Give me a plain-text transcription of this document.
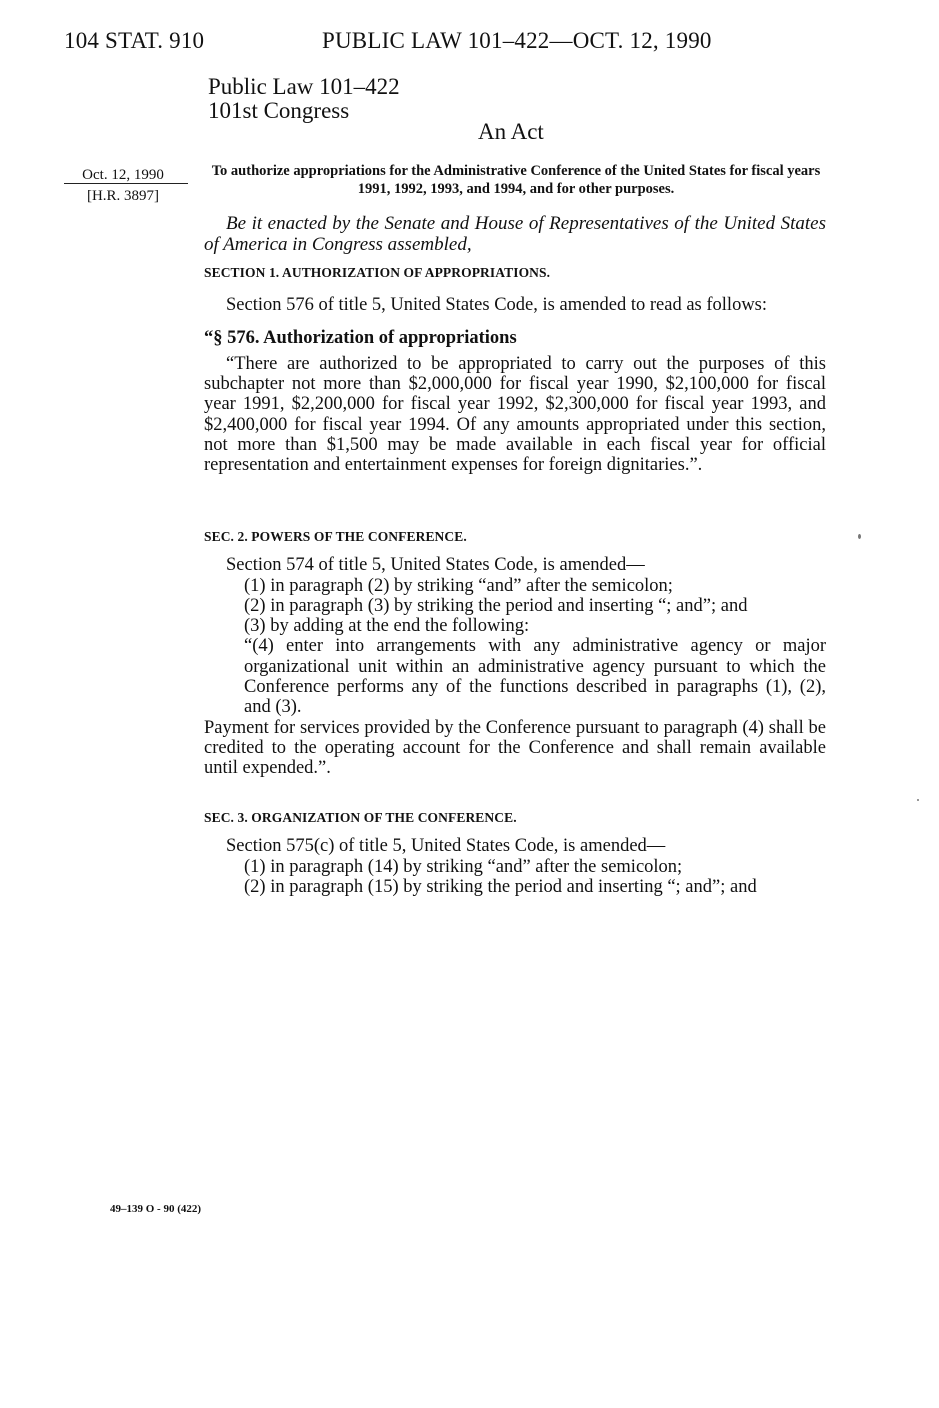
104 STAT. 910	PUBLIC LAW 101–422—OCT. 12, 1990
Public Law 101–422
101st Congress
An Act
Oct. 12, 1990
[H.R. 3897]
To authorize appropriations for the Administrative Conference of the United States for fiscal years 1991, 1992, 1993, and 1994, and for other purposes.
Be it enacted by the Senate and House of Representatives of the United States of America in Congress assembled,
SECTION 1. AUTHORIZATION OF APPROPRIATIONS.

Section 576 of title 5, United States Code, is amended to read as follows:

“§ 576. Authorization of appropriations

“There are authorized to be appropriated to carry out the purposes of this subchapter not more than $2,000,000 for fiscal year 1990, $2,100,000 for fiscal year 1991, $2,200,000 for fiscal year 1992, $2,300,000 for fiscal year 1993, and $2,400,000 for fiscal year 1994. Of any amounts appropriated under this section, not more than $1,500 may be made available in each fiscal year for official representation and entertainment expenses for foreign dignitaries.”.

SEC. 2. POWERS OF THE CONFERENCE.

Section 574 of title 5, United States Code, is amended—

(1) in paragraph (2) by striking “and” after the semicolon;

(2) in paragraph (3) by striking the period and inserting “; and”; and

(3) by adding at the end the following:

“(4) enter into arrangements with any administrative agency or major organizational unit within an administrative agency pursuant to which the Conference performs any of the functions described in paragraphs (1), (2), and (3).

Payment for services provided by the Conference pursuant to paragraph (4) shall be credited to the operating account for the Conference and shall remain available until expended.”.

SEC. 3. ORGANIZATION OF THE CONFERENCE.

Section 575(c) of title 5, United States Code, is amended—

(1) in paragraph (14) by striking “and” after the semicolon;

(2) in paragraph (15) by striking the period and inserting “; and”; and

49–139 O - 90 (422)
